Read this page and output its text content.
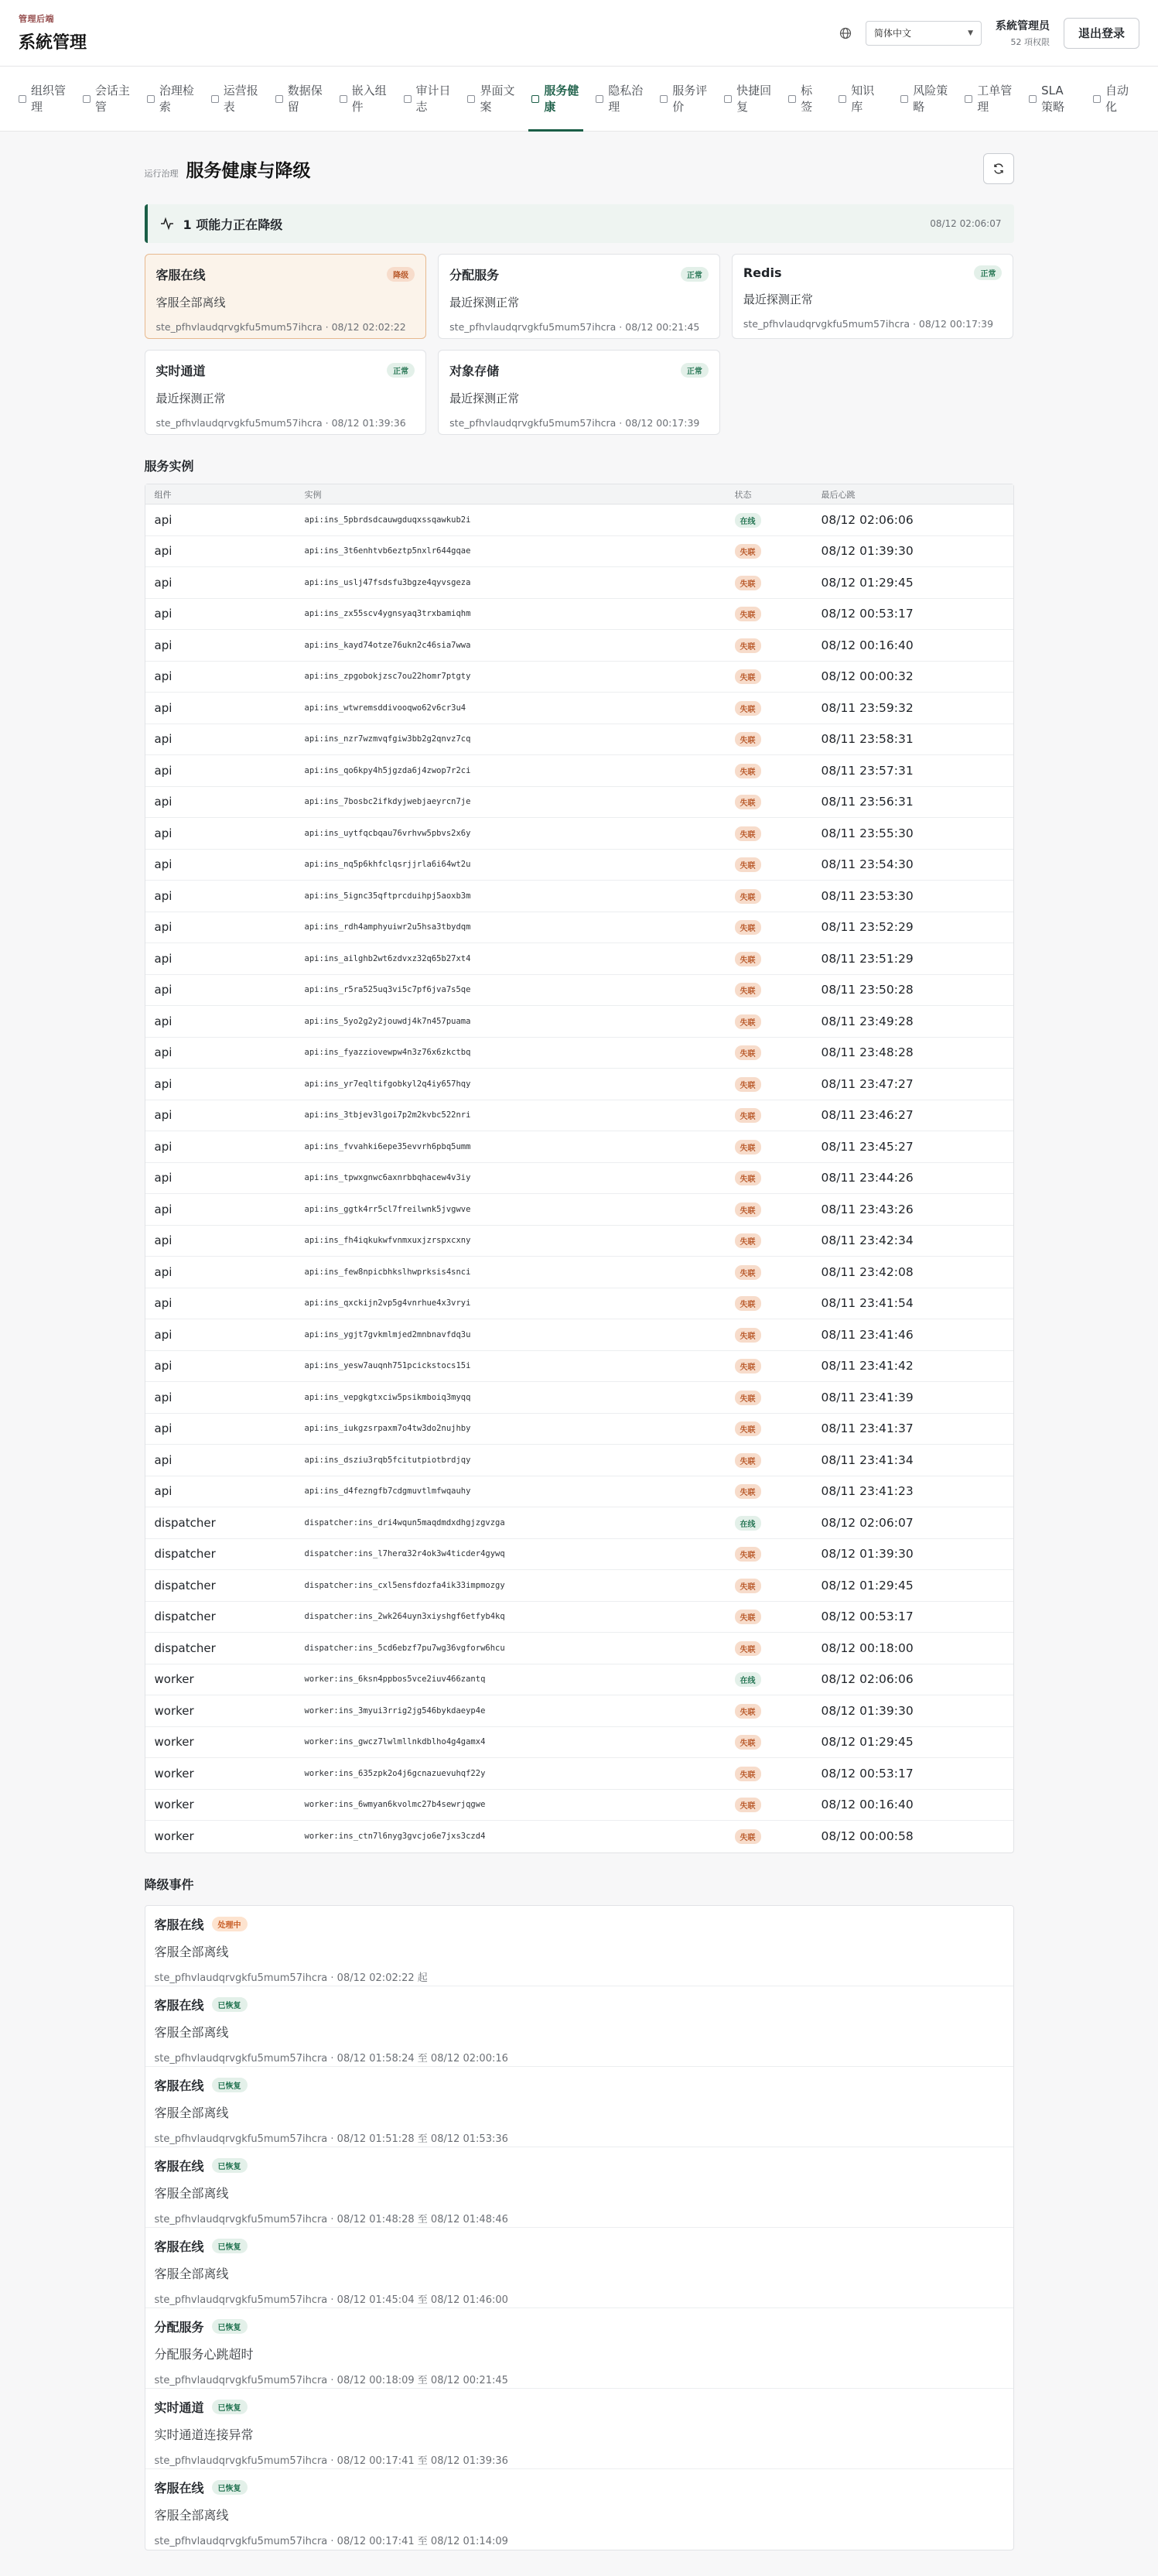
管理后端
系統管理	简体中文	▼
系統管理员
52 項权限
退出登录
组织管理
会话主管
治理检索
运营报表
数据保留
嵌入组件
审计日志
界面文案
服务健康
隐私治理
服务评价
快捷回复
标签
知识库
风险策略
工单管理
SLA 策略
自动化
运行治理 服务健康与降级
1 项能力正在降级	08/12 02:06:07
客服在线	降级
客服全部离线
ste_pfhvlaudqrvgkfu5mum57ihcra · 08/12 02:02:22
分配服务	正常
最近探测正常
ste_pfhvlaudqrvgkfu5mum57ihcra · 08/12 00:21:45
Redis	正常
最近探测正常
ste_pfhvlaudqrvgkfu5mum57ihcra · 08/12 00:17:39
实时通道	正常
最近探测正常
ste_pfhvlaudqrvgkfu5mum57ihcra · 08/12 01:39:36
对象存储	正常
最近探测正常
ste_pfhvlaudqrvgkfu5mum57ihcra · 08/12 00:17:39
服务实例
组件	实例	状态	最后心跳
api	api:ins_5pbrdsdcauwgduqxssqawkub2i	在线	08/12 02:06:06
api	api:ins_3t6enhtvb6eztp5nxlr644gqae	失联	08/12 01:39:30
api	api:ins_uslj47fsdsfu3bgze4qyvsgeza	失联	08/12 01:29:45
api	api:ins_zx55scv4ygnsyaq3trxbamiqhm	失联	08/12 00:53:17
api	api:ins_kayd74otze76ukn2c46sia7wwa	失联	08/12 00:16:40
api	api:ins_zpgobokjzsc7ou22homr7ptgty	失联	08/12 00:00:32
api	api:ins_wtwremsddivooqwo62v6cr3u4	失联	08/11 23:59:32
api	api:ins_nzr7wzmvqfgiw3bb2g2qnvz7cq	失联	08/11 23:58:31
api	api:ins_qo6kpy4h5jgzda6j4zwop7r2ci	失联	08/11 23:57:31
api	api:ins_7bosbc2ifkdyjwebjaeyrcn7je	失联	08/11 23:56:31
api	api:ins_uytfqcbqau76vrhvw5pbvs2x6y	失联	08/11 23:55:30
api	api:ins_nq5p6khfclqsrjjrla6i64wt2u	失联	08/11 23:54:30
api	api:ins_5ignc35qftprcduihpj5aoxb3m	失联	08/11 23:53:30
api	api:ins_rdh4amphyuiwr2u5hsa3tbydqm	失联	08/11 23:52:29
api	api:ins_ailghb2wt6zdvxz32q65b27xt4	失联	08/11 23:51:29
api	api:ins_r5ra525uq3vi5c7pf6jva7s5qe	失联	08/11 23:50:28
api	api:ins_5yo2g2y2jouwdj4k7n457puama	失联	08/11 23:49:28
api	api:ins_fyazziovewpw4n3z76x6zkctbq	失联	08/11 23:48:28
api	api:ins_yr7eqltifgobkyl2q4iy657hqy	失联	08/11 23:47:27
api	api:ins_3tbjev3lgoi7p2m2kvbc522nri	失联	08/11 23:46:27
api	api:ins_fvvahki6epe35evvrh6pbq5umm	失联	08/11 23:45:27
api	api:ins_tpwxgnwc6axnrbbqhacew4v3iy	失联	08/11 23:44:26
api	api:ins_ggtk4rr5cl7freilwnk5jvgwve	失联	08/11 23:43:26
api	api:ins_fh4iqkukwfvnmxuxjzrspxcxny	失联	08/11 23:42:34
api	api:ins_few8npicbhkslhwprksis4snci	失联	08/11 23:42:08
api	api:ins_qxckijn2vp5g4vnrhue4x3vryi	失联	08/11 23:41:54
api	api:ins_ygjt7gvkmlmjed2mnbnavfdq3u	失联	08/11 23:41:46
api	api:ins_yesw7auqnh751pcickstocs15i	失联	08/11 23:41:42
api	api:ins_vepgkgtxciw5psikmboiq3myqq	失联	08/11 23:41:39
api	api:ins_iukgzsrpaxm7o4tw3do2nujhby	失联	08/11 23:41:37
api	api:ins_dsziu3rqb5fcitutpiotbrdjqy	失联	08/11 23:41:34
api	api:ins_d4fezngfb7cdgmuvtlmfwqauhy	失联	08/11 23:41:23
dispatcher	dispatcher:ins_dri4wqun5maqdmdxdhgjzgvzga	在线	08/12 02:06:07
dispatcher	dispatcher:ins_l7herα32r4ok3w4ticder4gywq	失联	08/12 01:39:30
dispatcher	dispatcher:ins_cxl5ensfdozfa4ik33impmozgy	失联	08/12 01:29:45
dispatcher	dispatcher:ins_2wk264uyn3xiyshgf6etfyb4kq	失联	08/12 00:53:17
dispatcher	dispatcher:ins_5cd6ebzf7pu7wg36vgforw6hcu	失联	08/12 00:18:00
worker	worker:ins_6ksn4ppbos5vce2iuv466zantq	在线	08/12 02:06:06
worker	worker:ins_3myui3rrig2jg546bykdaeyp4e	失联	08/12 01:39:30
worker	worker:ins_gwcz7lwlmllnkdblho4g4gamx4	失联	08/12 01:29:45
worker	worker:ins_635zpk2o4j6gcnazuevuhqf22y	失联	08/12 00:53:17
worker	worker:ins_6wmyan6kvolmc27b4sewrjqgwe	失联	08/12 00:16:40
worker	worker:ins_ctn7l6nyg3gvcjo6e7jxs3czd4	失联	08/12 00:00:58
降级事件
客服在线	处理中
客服全部离线
ste_pfhvlaudqrvgkfu5mum57ihcra · 08/12 02:02:22 起
客服在线	已恢复
客服全部离线
ste_pfhvlaudqrvgkfu5mum57ihcra · 08/12 01:58:24 至 08/12 02:00:16
客服在线	已恢复
客服全部离线
ste_pfhvlaudqrvgkfu5mum57ihcra · 08/12 01:51:28 至 08/12 01:53:36
客服在线	已恢复
客服全部离线
ste_pfhvlaudqrvgkfu5mum57ihcra · 08/12 01:48:28 至 08/12 01:48:46
客服在线	已恢复
客服全部离线
ste_pfhvlaudqrvgkfu5mum57ihcra · 08/12 01:45:04 至 08/12 01:46:00
分配服务	已恢复
分配服务心跳超时
ste_pfhvlaudqrvgkfu5mum57ihcra · 08/12 00:18:09 至 08/12 00:21:45
实时通道	已恢复
实时通道连接异常
ste_pfhvlaudqrvgkfu5mum57ihcra · 08/12 00:17:41 至 08/12 01:39:36
客服在线	已恢复
客服全部离线
ste_pfhvlaudqrvgkfu5mum57ihcra · 08/12 00:17:41 至 08/12 01:14:09
